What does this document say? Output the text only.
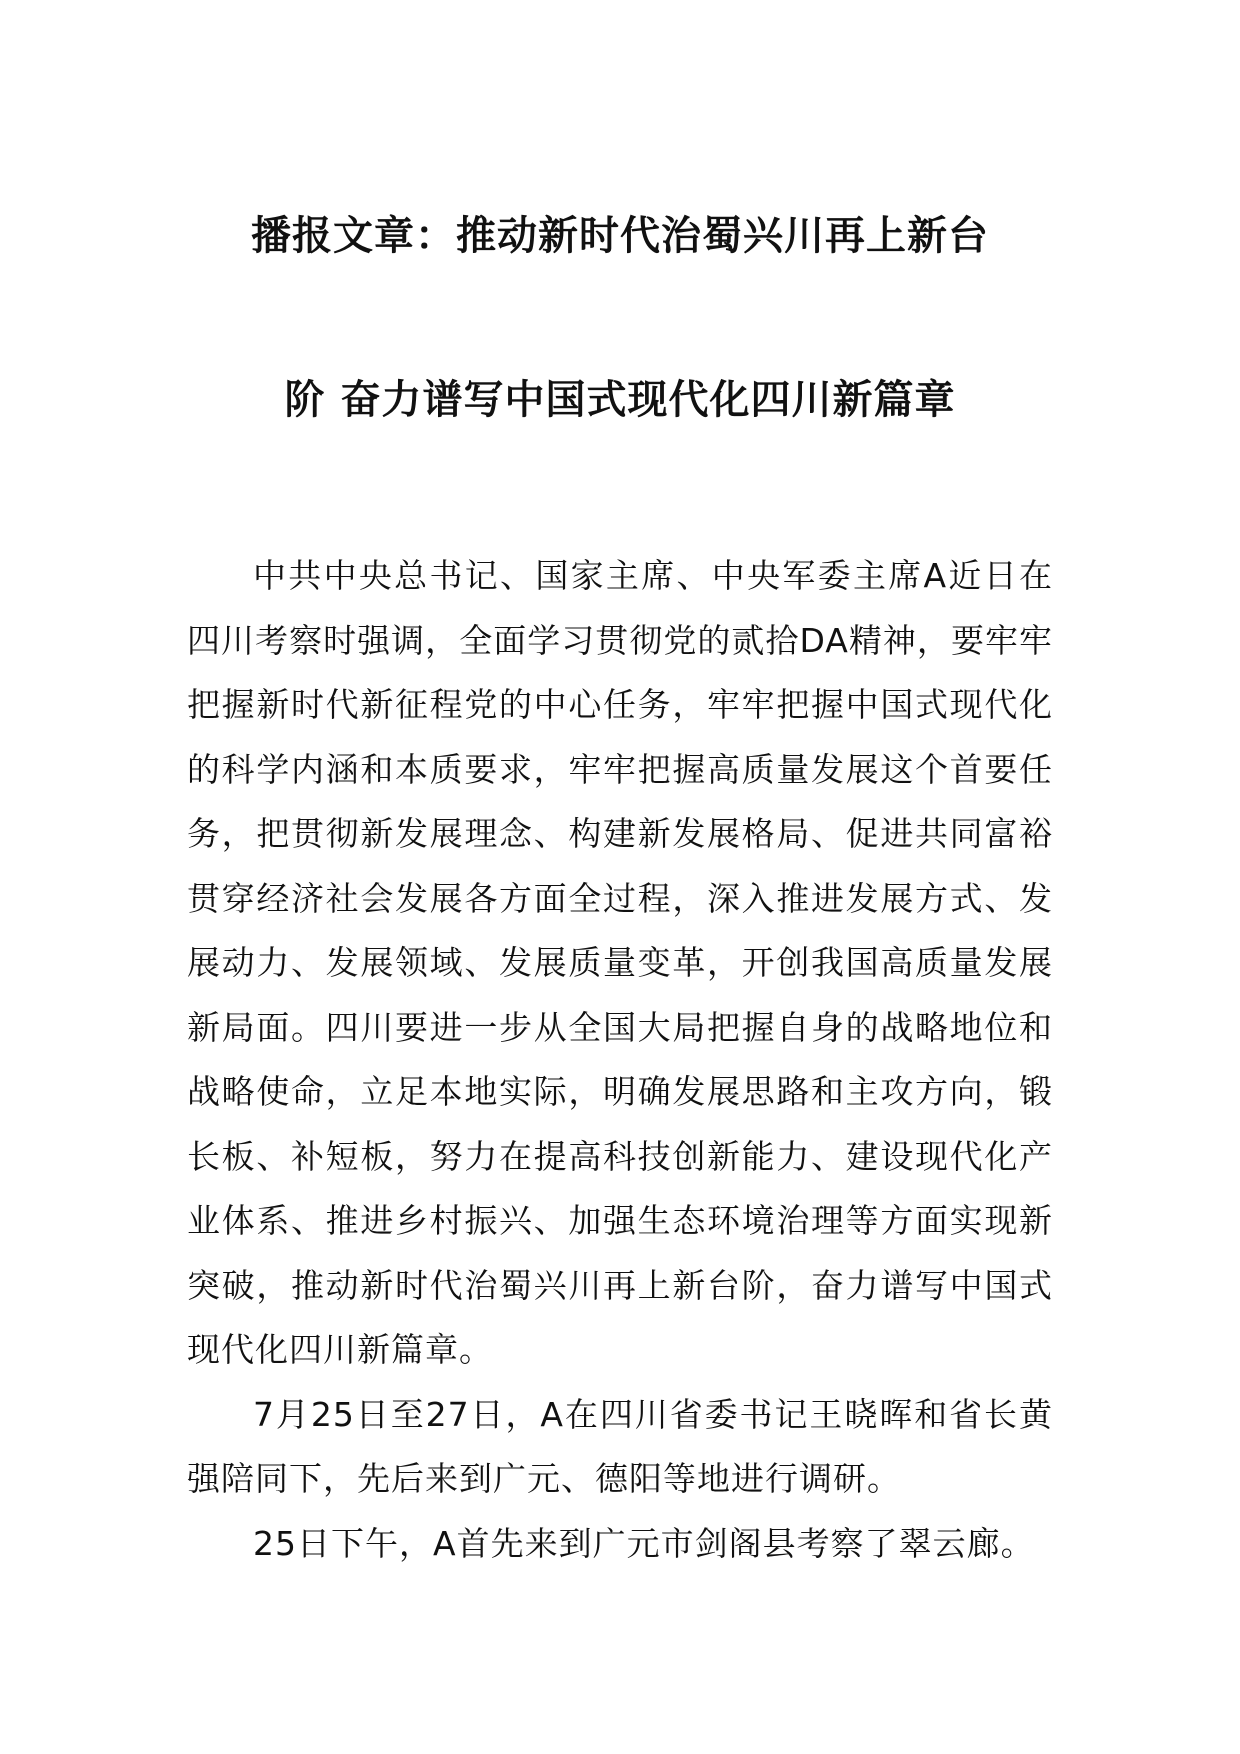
播报文章：推动新时代治蜀兴川再上新台
阶 奋力谱写中国式现代化四川新篇章

中共中央总书记、国家主席、中央军委主席A近日在四川考察时强调，全面学习贯彻党的贰拾DA精神，要牢牢把握新时代新征程党的中心任务，牢牢把握中国式现代化的科学内涵和本质要求，牢牢把握高质量发展这个首要任务，把贯彻新发展理念、构建新发展格局、促进共同富裕贯穿经济社会发展各方面全过程，深入推进发展方式、发展动力、发展领域、发展质量变革，开创我国高质量发展新局面。四川要进一步从全国大局把握自身的战略地位和战略使命，立足本地实际，明确发展思路和主攻方向，锻长板、补短板，努力在提高科技创新能力、建设现代化产业体系、推进乡村振兴、加强生态环境治理等方面实现新突破，推动新时代治蜀兴川再上新台阶，奋力谱写中国式现代化四川新篇章。

7月25日至27日，A在四川省委书记王晓晖和省长黄强陪同下，先后来到广元、德阳等地进行调研。

25日下午，A首先来到广元市剑阁县考察了翠云廊。
